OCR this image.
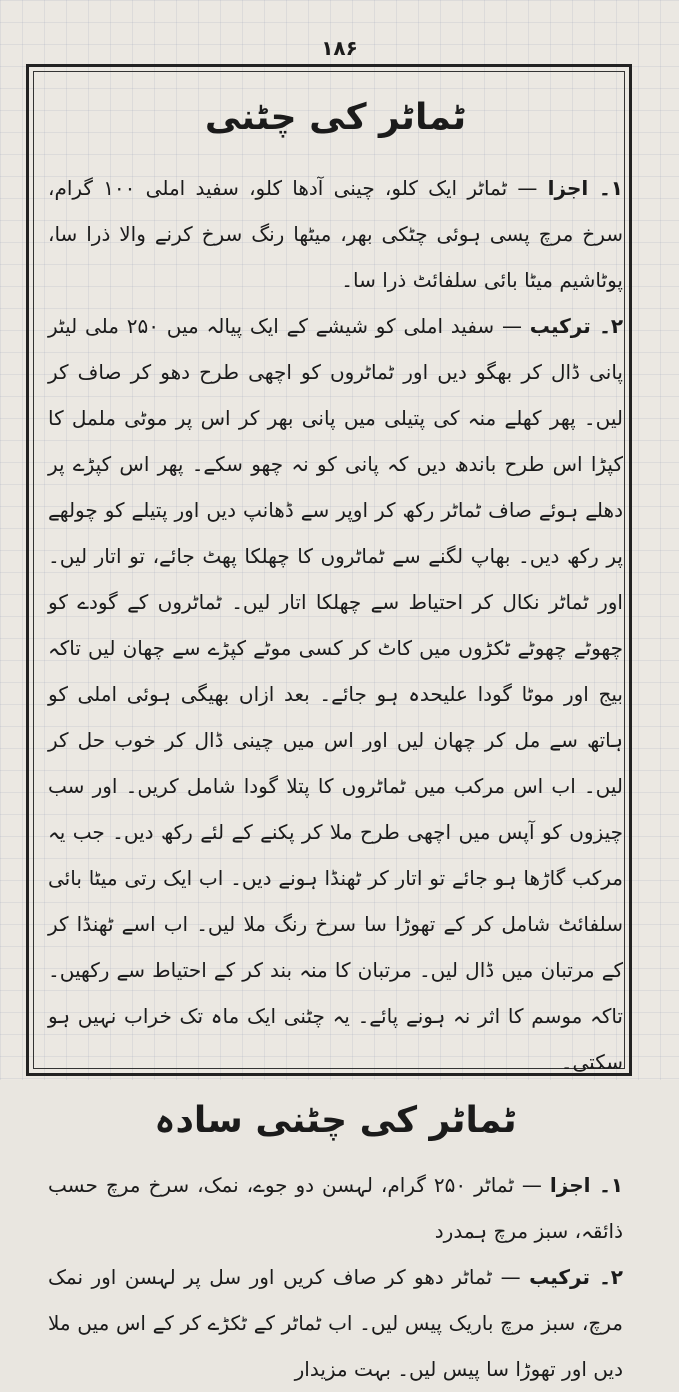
۱۸۶
ٹماٹر کی چٹنی

۱۔ اجزا — ٹماٹر ایک کلو، چینی آدھا کلو، سفید املی ۱۰۰ گرام، سرخ مرچ پسی ہوئی چٹکی بھر، میٹھا رنگ سرخ کرنے والا ذرا سا، پوٹاشیم میٹا بائی سلفائٹ ذرا سا۔

۲۔ ترکیب — سفید املی کو شیشے کے ایک پیالہ میں ۲۵۰ ملی لیٹر پانی ڈال کر بھگو دیں اور ٹماٹروں کو اچھی طرح دھو کر صاف کر لیں۔ پھر کھلے منہ کی پتیلی میں پانی بھر کر اس پر موٹی ململ کا کپڑا اس طرح باندھ دیں کہ پانی کو نہ چھو سکے۔ پھر اس کپڑے پر دھلے ہوئے صاف ٹماٹر رکھ کر اوپر سے ڈھانپ دیں اور پتیلے کو چولھے پر رکھ دیں۔ بھاپ لگنے سے ٹماٹروں کا چھلکا پھٹ جائے، تو اتار لیں۔ اور ٹماٹر نکال کر احتیاط سے چھلکا اتار لیں۔ ٹماٹروں کے گودے کو چھوٹے چھوٹے ٹکڑوں میں کاٹ کر کسی موٹے کپڑے سے چھان لیں تاکہ بیج اور موٹا گودا علیحدہ ہو جائے۔ بعد ازاں بھیگی ہوئی املی کو ہاتھ سے مل کر چھان لیں اور اس میں چینی ڈال کر خوب حل کر لیں۔ اب اس مرکب میں ٹماٹروں کا پتلا گودا شامل کریں۔ اور سب چیزوں کو آپس میں اچھی طرح ملا کر پکنے کے لئے رکھ دیں۔ جب یہ مرکب گاڑھا ہو جائے تو اتار کر ٹھنڈا ہونے دیں۔ اب ایک رتی میٹا بائی سلفائٹ شامل کر کے تھوڑا سا سرخ رنگ ملا لیں۔ اب اسے ٹھنڈا کر کے مرتبان میں ڈال لیں۔ مرتبان کا منہ بند کر کے احتیاط سے رکھیں۔ تاکہ موسم کا اثر نہ ہونے پائے۔ یہ چٹنی ایک ماہ تک خراب نہیں ہو سکتی۔

ٹماٹر کی چٹنی سادہ

۱۔ اجزا — ٹماٹر ۲۵۰ گرام، لہسن دو جوے، نمک، سرخ مرچ حسب ذائقہ، سبز مرچ ہمدرد

۲۔ ترکیب — ٹماٹر دھو کر صاف کریں اور سل پر لہسن اور نمک مرچ، سبز مرچ باریک پیس لیں۔ اب ٹماٹر کے ٹکڑے کر کے اس میں ملا دیں اور تھوڑا سا پیس لیں۔ بہت مزیدار
